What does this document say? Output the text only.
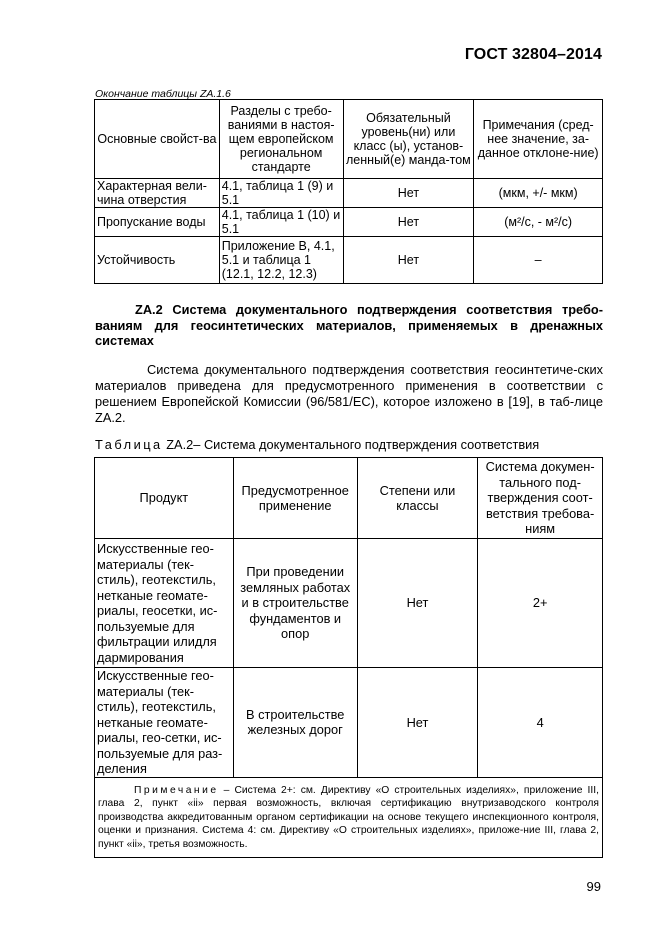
ГОСТ 32804–2014
Окончание таблицы ZA.1.6
Основные свойст-ва	Разделы с требо-ваниями в настоя-щем европейском региональном стандарте	Обязательный уровень(ни) или класс (ы), установ-ленный(е) манда-том	Примечания (сред-нее значение, за-данное отклоне-ние)
Характерная вели-чина отверстия	4.1, таблица 1 (9) и 5.1	Нет	(мкм, +/- мкм)
Пропускание воды	4.1, таблица 1 (10) и 5.1	Нет	(м²/с, - м²/с)
Устойчивость	Приложение В, 4.1, 5.1 и таблица 1 (12.1, 12.2, 12.3)	Нет	–
ZA.2 Система документального подтверждения соответствия требо-ваниям для геосинтетических материалов, применяемых в дренажных системах
Система документального подтверждения соответствия геосинтетиче-ских материалов приведена для предусмотренного применения в соответствии с решением Европейской Комиссии (96/581/ЕС), которое изложено в [19], в таб-лице ZA.2.
Таблица ZA.2– Система документального подтверждения соответствия
Продукт	Предусмотренное применение	Степени или классы	Система докумен-тального под-тверждения соот-ветствия требова-ниям
Искусственные гео-материалы (тек-стиль), геотекстиль, нетканые геомате-риалы, геосетки, ис-пользуемые для фильтрации илидля дармирования	При проведении земляных работах и в строительстве фундаментов и опор	Нет	2+
Искусственные гео-материалы (тек-стиль), геотекстиль, нетканые геомате-риалы, гео-сетки, ис-пользуемые для раз-деления	В строительстве железных дорог	Нет	4
Примечание – Система 2+: см. Директиву «О строительных изделиях», приложение III, глава 2, пункт «ii» первая возможность, включая сертификацию внутризаводского контроля производства аккредитованным органом сертификации на основе текущего инспекционного контроля, оценки и признания. Система 4: см. Директиву «О строительных изделиях», приложе-ние III, глава 2, пункт «ii», третья возможность.			
99
